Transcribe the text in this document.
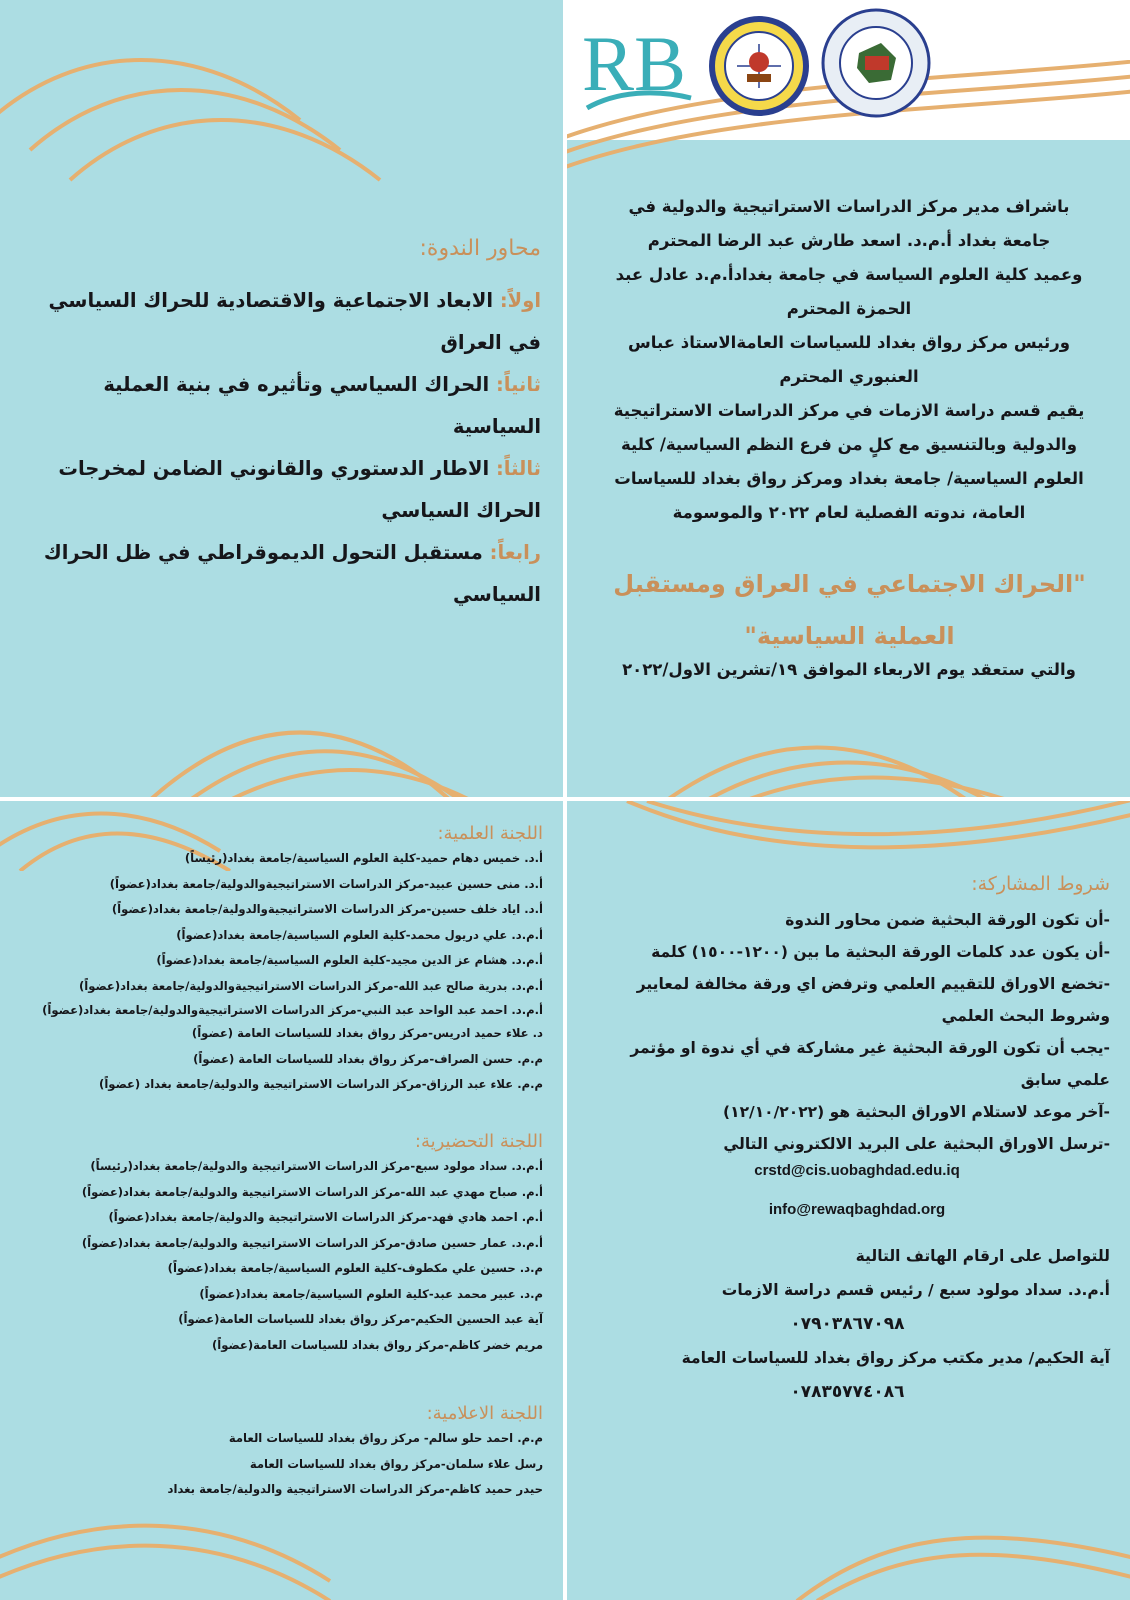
محاور الندوة:
اولاً: الابعاد الاجتماعية والاقتصادية للحراك السياسي في العراق
ثانياً: الحراك السياسي وتأثيره في بنية العملية السياسية
ثالثاً: الاطار الدستوري والقانوني الضامن لمخرجات الحراك السياسي
رابعاً: مستقبل التحول الديموقراطي في ظل الحراك السياسي
RB
باشراف مدير مركز الدراسات الاستراتيجية والدولية في
جامعة بغداد أ.م.د. اسعد طارش عبد الرضا المحترم
وعميد كلية العلوم السياسة في جامعة بغدادأ.م.د عادل عبد
الحمزة المحترم
ورئيس مركز رواق بغداد للسياسات العامةالاستاذ عباس
العنبوري المحترم
يقيم قسم دراسة الازمات في مركز الدراسات الاستراتيجية
والدولية وبالتنسيق مع كلٍ من فرع النظم السياسية/ كلية
العلوم السياسية/ جامعة بغداد ومركز رواق بغداد للسياسات
العامة، ندوته الفصلية لعام ٢٠٢٢ والموسومة
"الحراك الاجتماعي في العراق ومستقبل
العملية السياسية"
والتي ستعقد يوم الاربعاء الموافق ١٩/تشرين الاول/٢٠٢٢
اللجنة العلمية:
أ.د. خميس دهام حميد-كلية العلوم السياسية/جامعة بغداد(رئيساً)
أ.د. منى حسين عبيد-مركز الدراسات الاستراتيجيةوالدولية/جامعة بغداد(عضواً)
أ.د. اياد خلف حسين-مركز الدراسات الاستراتيجيةوالدولية/جامعة بغداد(عضواً)
أ.م.د. علي دريول محمد-كلية العلوم السياسية/جامعة بغداد(عضواً)
أ.م.د. هشام عز الدين مجيد-كلية العلوم السياسية/جامعة بغداد(عضواً)
أ.م.د. بدرية صالح عبد الله-مركز الدراسات الاستراتيجيةوالدولية/جامعة بغداد(عضواً)
أ.م.د. احمد عبد الواحد عبد النبي-مركز الدراسات الاستراتيجيةوالدولية/جامعة بغداد(عضواً)
د. علاء حميد ادريس-مركز رواق بغداد للسياسات العامة (عضواً)
م.م. حسن الصراف-مركز رواق بغداد للسياسات العامة (عضواً)
م.م. علاء عبد الرزاق-مركز الدراسات الاستراتيجية والدولية/جامعة بغداد (عضواً)
اللجنة التحضيرية:
أ.م.د. سداد مولود سبع-مركز الدراسات الاستراتيجية والدولية/جامعة بغداد(رئيساً)
أ.م. صباح مهدي عبد الله-مركز الدراسات الاستراتيجية والدولية/جامعة بغداد(عضواً)
أ.م. احمد هادي فهد-مركز الدراسات الاستراتيجية والدولية/جامعة بغداد(عضواً)
أ.م.د. عمار حسين صادق-مركز الدراسات الاستراتيجية والدولية/جامعة بغداد(عضواً)
م.د. حسين علي مكطوف-كلية العلوم السياسية/جامعة بغداد(عضواً)
م.د. عبير محمد عبد-كلية العلوم السياسية/جامعة بغداد(عضواً)
آية عبد الحسين الحكيم-مركز رواق بغداد للسياسات العامة(عضواً)
مريم خضر كاظم-مركز رواق بغداد للسياسات العامة(عضواً)
اللجنة الاعلامية:
م.م. احمد حلو سالم- مركز رواق بغداد للسياسات العامة
رسل علاء سلمان-مركز رواق بغداد للسياسات العامة
حيدر حميد كاظم-مركز الدراسات الاستراتيجية والدولية/جامعة بغداد
شروط المشاركة:
-أن تكون الورقة البحثية ضمن محاور الندوة
-أن يكون عدد كلمات الورقة البحثية ما بين (١٢٠٠-١٥٠٠) كلمة
-تخضع الاوراق للتقييم العلمي وترفض اي ورقة مخالفة لمعايير وشروط البحث العلمي
-يجب أن تكون الورقة البحثية غير مشاركة في أي ندوة او مؤتمر علمي سابق
-آخر موعد لاستلام الاوراق البحثية هو (١٢/١٠/٢٠٢٢)
-ترسل الاوراق البحثية على البريد الالكتروني التالي
crstd@cis.uobaghdad.edu.iq
info@rewaqbaghdad.org
للتواصل على ارقام الهاتف التالية
أ.م.د. سداد مولود سبع / رئيس قسم دراسة الازمات
٠٧٩٠٣٨٦٧٠٩٨
آية الحكيم/ مدير مكتب مركز رواق بغداد للسياسات العامة
٠٧٨٣٥٧٧٤٠٨٦
